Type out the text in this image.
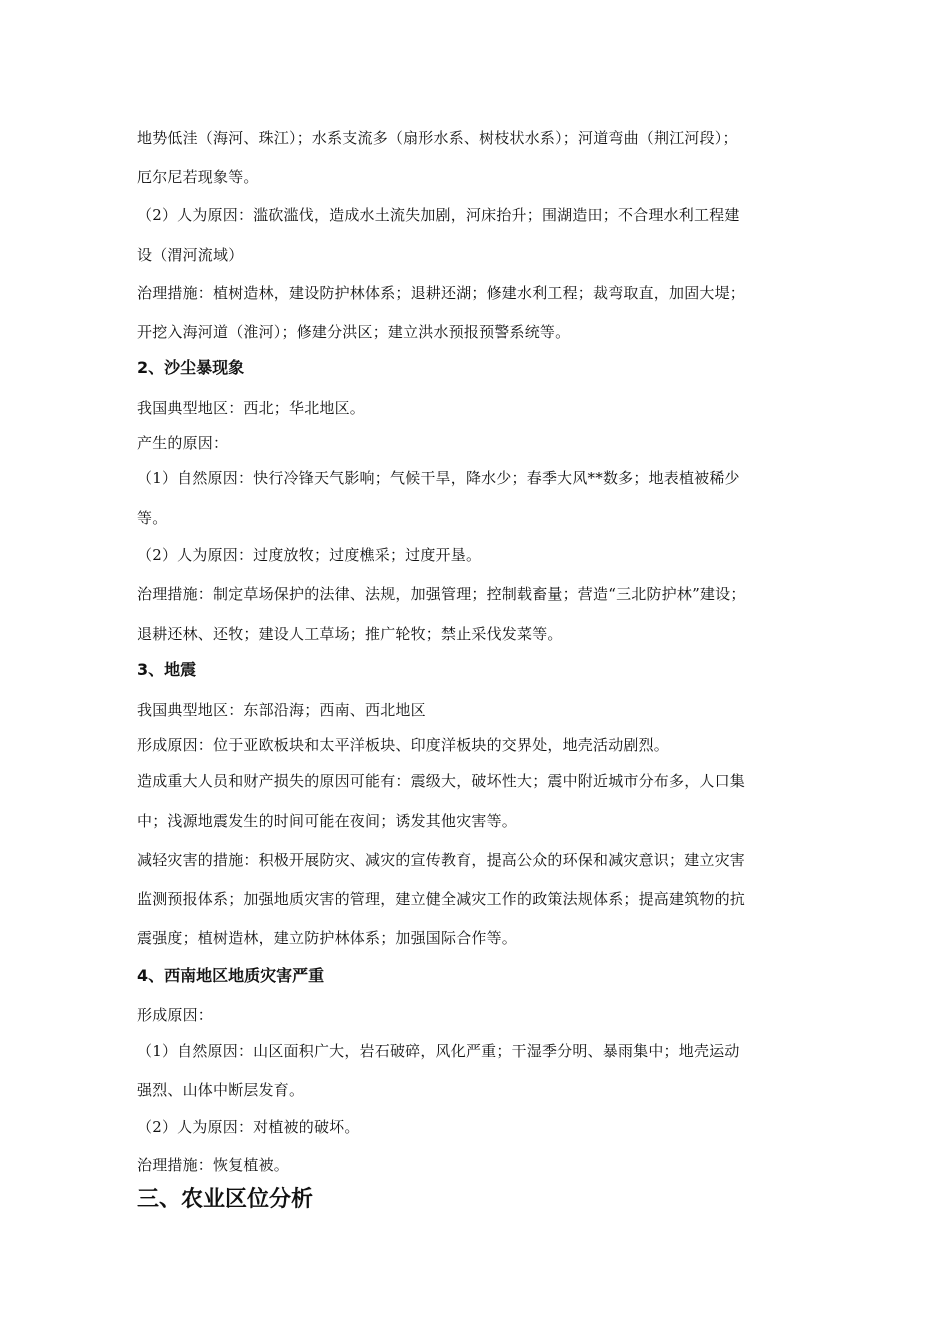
地势低洼（海河、珠江）；水系支流多（扇形水系、树枝状水系）；河道弯曲（荆江河段）；
厄尔尼若现象等。
（2）人为原因：滥砍滥伐，造成水土流失加剧，河床抬升；围湖造田；不合理水利工程建
设（渭河流域）
治理措施：植树造林，建设防护林体系；退耕还湖；修建水利工程；裁弯取直，加固大堤；
开挖入海河道（淮河）；修建分洪区；建立洪水预报预警系统等。
2、沙尘暴现象
我国典型地区：西北；华北地区。
产生的原因：
（1）自然原因：快行冷锋天气影响；气候干旱，降水少；春季大风**数多；地表植被稀少
等。
（2）人为原因：过度放牧；过度樵采；过度开垦。
治理措施：制定草场保护的法律、法规，加强管理；控制载畜量；营造“三北防护林”建设；
退耕还林、还牧；建设人工草场；推广轮牧；禁止采伐发菜等。
3、地震
我国典型地区：东部沿海；西南、西北地区
形成原因：位于亚欧板块和太平洋板块、印度洋板块的交界处，地壳活动剧烈。
造成重大人员和财产损失的原因可能有：震级大，破坏性大；震中附近城市分布多，人口集
中；浅源地震发生的时间可能在夜间；诱发其他灾害等。
减轻灾害的措施：积极开展防灾、减灾的宣传教育，提高公众的环保和减灾意识；建立灾害
监测预报体系；加强地质灾害的管理，建立健全减灾工作的政策法规体系；提高建筑物的抗
震强度；植树造林，建立防护林体系；加强国际合作等。
4、西南地区地质灾害严重
形成原因：
（1）自然原因：山区面积广大，岩石破碎，风化严重；干湿季分明、暴雨集中；地壳运动
强烈、山体中断层发育。
（2）人为原因：对植被的破坏。
治理措施：恢复植被。
三、农业区位分析
